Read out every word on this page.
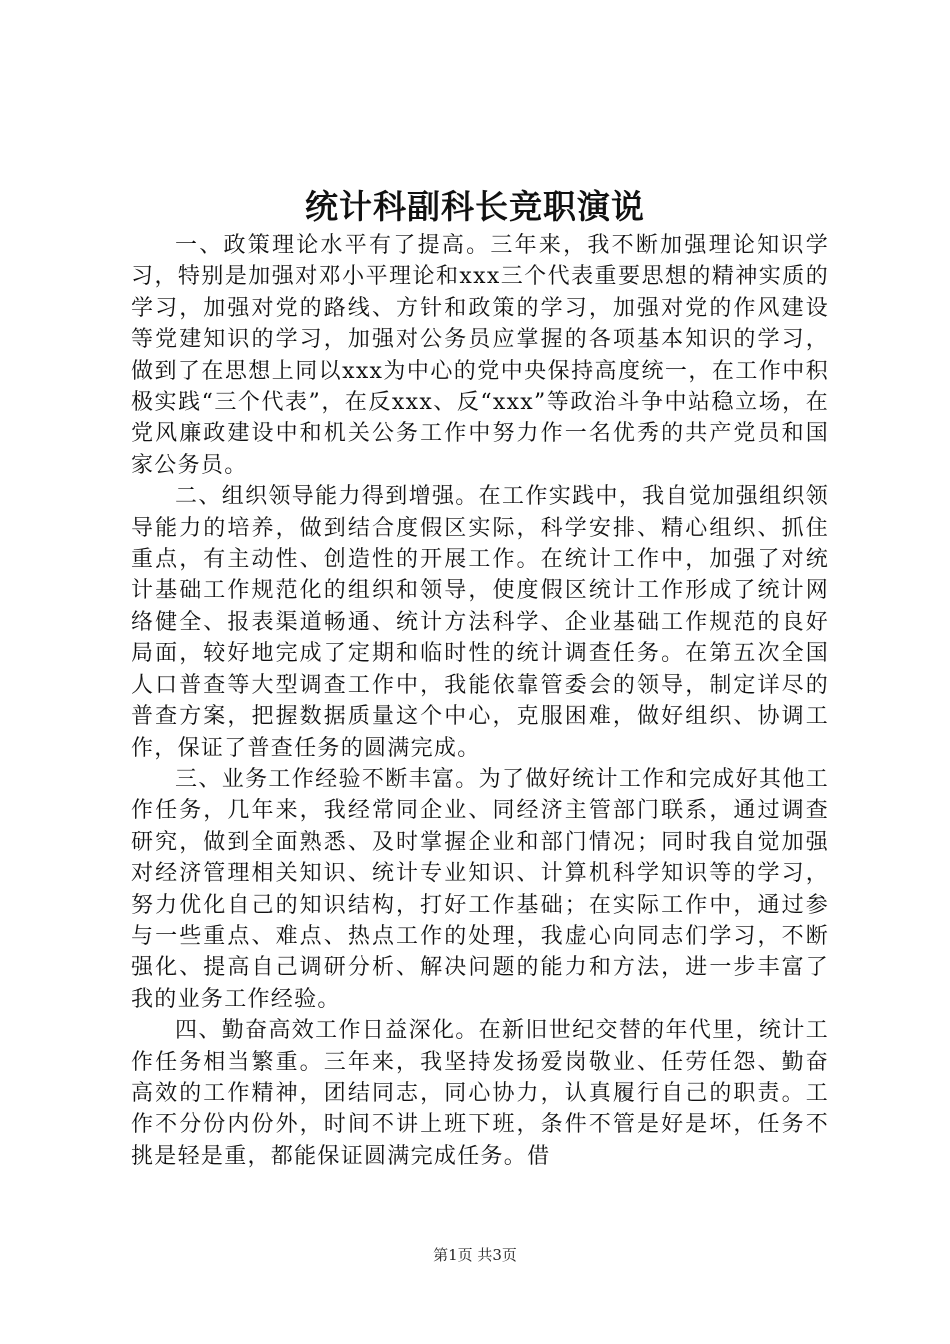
统计科副科长竞职演说

一、政策理论水平有了提高。三年来，我不断加强理论知识学习，特别是加强对邓小平理论和xxx三个代表重要思想的精神实质的学习，加强对党的路线、方针和政策的学习，加强对党的作风建设等党建知识的学习，加强对公务员应掌握的各项基本知识的学习，做到了在思想上同以xxx为中心的党中央保持高度统一，在工作中积极实践“三个代表”，在反xxx、反“xxx”等政治斗争中站稳立场，在党风廉政建设中和机关公务工作中努力作一名优秀的共产党员和国家公务员。

二、组织领导能力得到增强。在工作实践中，我自觉加强组织领导能力的培养，做到结合度假区实际，科学安排、精心组织、抓住重点，有主动性、创造性的开展工作。在统计工作中，加强了对统计基础工作规范化的组织和领导，使度假区统计工作形成了统计网络健全、报表渠道畅通、统计方法科学、企业基础工作规范的良好局面，较好地完成了定期和临时性的统计调查任务。在第五次全国人口普查等大型调查工作中，我能依靠管委会的领导，制定详尽的普查方案，把握数据质量这个中心，克服困难，做好组织、协调工作，保证了普查任务的圆满完成。

三、业务工作经验不断丰富。为了做好统计工作和完成好其他工作任务，几年来，我经常同企业、同经济主管部门联系，通过调查研究，做到全面熟悉、及时掌握企业和部门情况；同时我自觉加强对经济管理相关知识、统计专业知识、计算机科学知识等的学习，努力优化自己的知识结构，打好工作基础；在实际工作中，通过参与一些重点、难点、热点工作的处理，我虚心向同志们学习，不断强化、提高自己调研分析、解决问题的能力和方法，进一步丰富了我的业务工作经验。

四、勤奋高效工作日益深化。在新旧世纪交替的年代里，统计工作任务相当繁重。三年来，我坚持发扬爱岗敬业、任劳任怨、勤奋高效的工作精神，团结同志，同心协力，认真履行自己的职责。工作不分份内份外，时间不讲上班下班，条件不管是好是坏，任务不挑是轻是重，都能保证圆满完成任务。借

第1页 共3页
